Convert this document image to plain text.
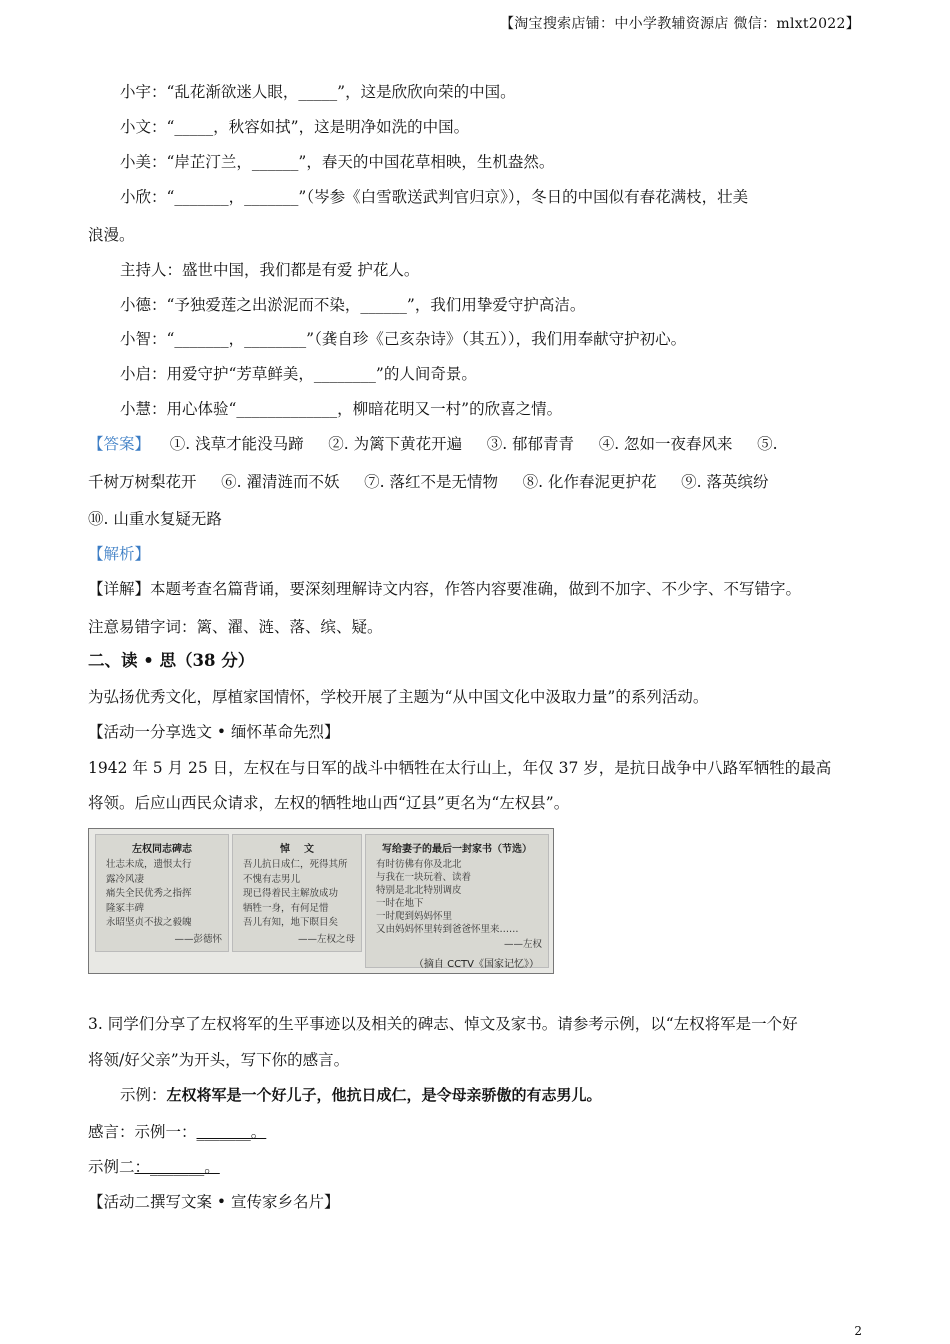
【淘宝搜索店铺：中小学教辅资源店 微信：mlxt2022】
小宇：“乱花渐欲迷人眼，_____”，这是欣欣向荣的中国。
小文：“_____，秋容如拭”，这是明净如洗的中国。
小美：“岸芷汀兰，______”，春天的中国花草相映，生机盎然。
小欣：“_______，_______”（岑参《白雪歌送武判官归京》），冬日的中国似有春花满枝，壮美
浪漫。
主持人：盛世中国，我们都是有爱 护花人。
小德：“予独爱莲之出淤泥而不染，______”，我们用挚爱守护高洁。
小智：“_______，________”（龚自珍《己亥杂诗》（其五）），我们用奉献守护初心。
小启：用爱守护“芳草鲜美，________”的人间奇景。
小慧：用心体验“_____________，柳暗花明又一村”的欣喜之情。
【答案】    ①. 浅草才能没马蹄     ②. 为篱下黄花开遍     ③. 郁郁青青     ④. 忽如一夜春风来     ⑤.
千树万树梨花开     ⑥. 濯清涟而不妖     ⑦. 落红不是无情物     ⑧. 化作春泥更护花     ⑨. 落英缤纷
⑩. 山重水复疑无路
【解析】
【详解】本题考查名篇背诵，要深刻理解诗文内容，作答内容要准确，做到不加字、不少字、不写错字。
注意易错字词：篱、濯、涟、落、缤、疑。
二、读 • 思（38 分）
为弘扬优秀文化，厚植家国情怀，学校开展了主题为“从中国文化中汲取力量”的系列活动。
【活动一分享选文 • 缅怀革命先烈】
1942 年 5 月 25 日，左权在与日军的战斗中牺牲在太行山上，年仅 37 岁，是抗日战争中八路军牺牲的最高
将领。后应山西民众请求，左权的牺牲地山西“辽县”更名为“左权县”。
左权同志碑志
壮志未成，遗恨太行
露冷风凄
痛失全民优秀之指挥
隆冢丰碑
永昭坚贞不拔之毅魄
——彭德怀
悼    文
吾儿抗日成仁，死得其所
不愧有志男儿
现已得着民主解放成功
牺牲一身，有何足惜
吾儿有知，地下瞑目矣
——左权之母
写给妻子的最后一封家书（节选）
有时彷佛有你及北北
与我在一块玩着、读着
特别是北北特别调皮
一时在地下
一时爬到妈妈怀里
又由妈妈怀里转到爸爸怀里来……
——左权
（摘自 CCTV《国家记忆》）
3. 同学们分享了左权将军的生平事迹以及相关的碑志、悼文及家书。请参考示例，以“左权将军是一个好
将领/好父亲”为开头，写下你的感言。
示例：左权将军是一个好儿子，他抗日成仁，是令母亲骄傲的有志男儿。
感言：示例一：_______。
示例二：_______。
【活动二撰写文案 • 宣传家乡名片】
2
